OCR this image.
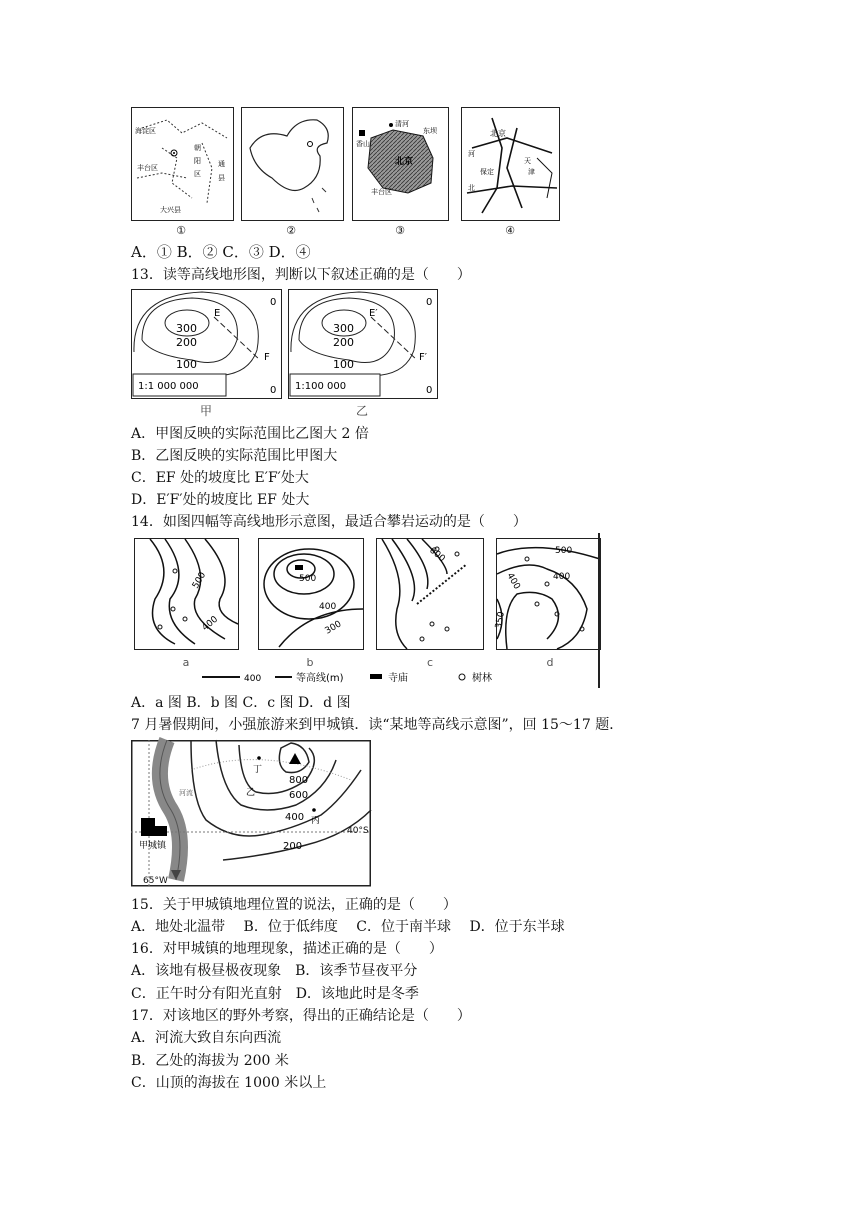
海淀区
朝
阳
区
丰台区	通
县
大兴县
清河
香山
东坝
北京
丰台区
北京
河
天
津
保定
北
①	②	③	④
A．① B．② C．③ D．④
13．读等高线地形图，判断以下叙述正确的是（　　）
300
200
100
0
0
E
F
1:1 000 000
300
200
100
0
0
E′
F′
1:100 000
甲	乙
A．甲图反映的实际范围比乙图大 2 倍
B．乙图反映的实际范围比甲图大
C．EF 处的坡度比 E′F′处大
D．E′F′处的坡度比 EF 处大
14．如图四幅等高线地形示意图，最适合攀岩运动的是（　　）
500
400
500
400
300
600	500
400
400
350
a	b	c	d
400	等高线(m)	寺庙	树林
A．a 图 B．b 图 C．c 图 D．d 图
7 月暑假期间，小强旅游来到甲城镇．读“某地等高线示意图”，回 15～17 题．
丁
乙
丙
800
600
400
200
甲城镇
河流
40°S
65°W
15．关于甲城镇地理位置的说法，正确的是（　　）
A．地处北温带　 B．位于低纬度　 C．位于南半球　 D．位于东半球
16．对甲城镇的地理现象，描述正确的是（　　）
A．该地有极昼极夜现象　B．该季节昼夜平分
C．正午时分有阳光直射　D．该地此时是冬季
17．对该地区的野外考察，得出的正确结论是（　　）
A．河流大致自东向西流
B．乙处的海拔为 200 米
C．山顶的海拔在 1000 米以上
